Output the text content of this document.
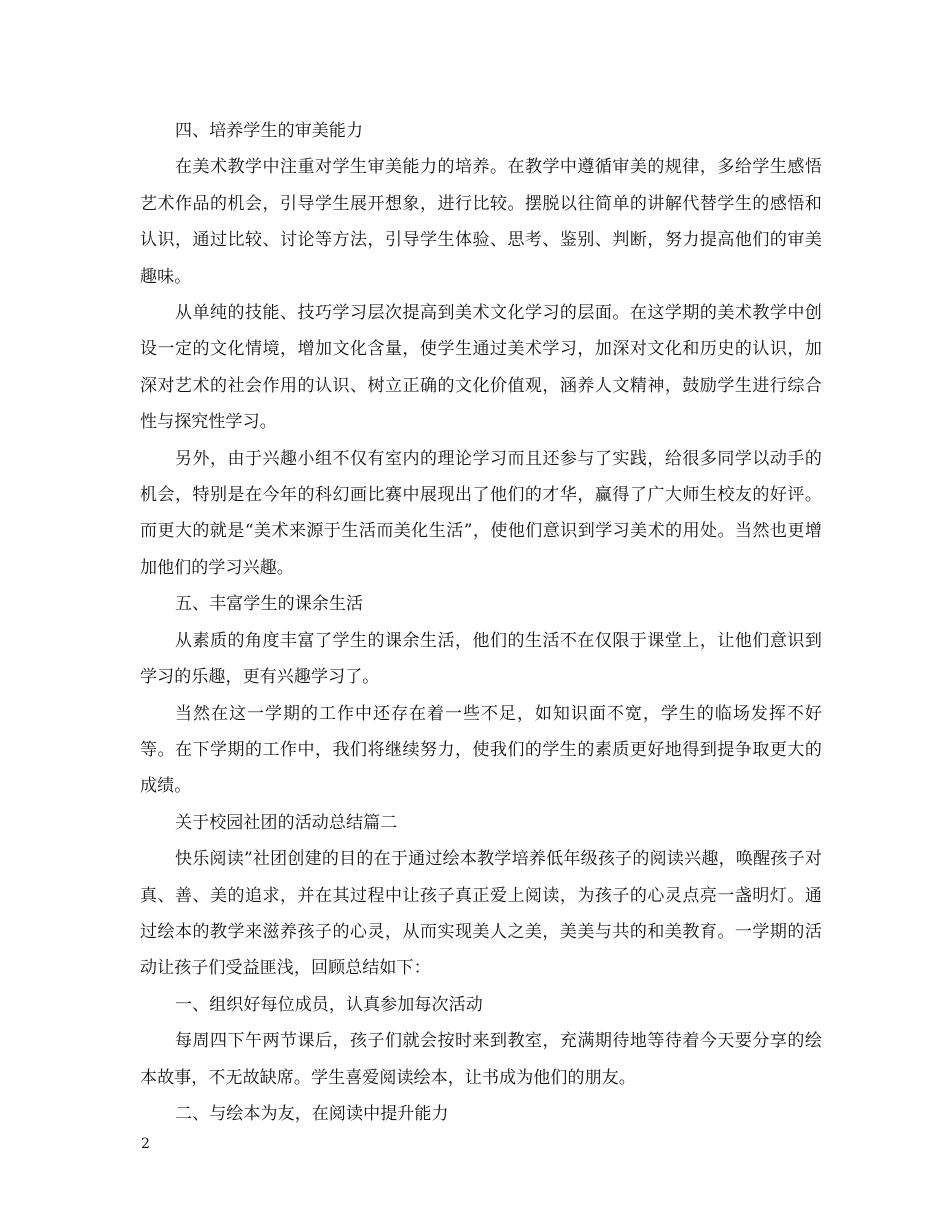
四、培养学生的审美能力

在美术教学中注重对学生审美能力的培养。在教学中遵循审美的规律，多给学生感悟艺术作品的机会，引导学生展开想象，进行比较。摆脱以往简单的讲解代替学生的感悟和认识，通过比较、讨论等方法，引导学生体验、思考、鉴别、判断，努力提高他们的审美趣味。

从单纯的技能、技巧学习层次提高到美术文化学习的层面。在这学期的美术教学中创设一定的文化情境，增加文化含量，使学生通过美术学习，加深对文化和历史的认识，加深对艺术的社会作用的认识、树立正确的文化价值观，涵养人文精神，鼓励学生进行综合性与探究性学习。

另外，由于兴趣小组不仅有室内的理论学习而且还参与了实践，给很多同学以动手的机会，特别是在今年的科幻画比赛中展现出了他们的才华，赢得了广大师生校友的好评。而更大的就是“美术来源于生活而美化生活”，使他们意识到学习美术的用处。当然也更增加他们的学习兴趣。

五、丰富学生的课余生活

从素质的角度丰富了学生的课余生活，他们的生活不在仅限于课堂上，让他们意识到学习的乐趣，更有兴趣学习了。

当然在这一学期的工作中还存在着一些不足，如知识面不宽，学生的临场发挥不好等。在下学期的工作中，我们将继续努力，使我们的学生的素质更好地得到提争取更大的成绩。

关于校园社团的活动总结篇二

快乐阅读”社团创建的目的在于通过绘本教学培养低年级孩子的阅读兴趣，唤醒孩子对真、善、美的追求，并在其过程中让孩子真正爱上阅读，为孩子的心灵点亮一盏明灯。通过绘本的教学来滋养孩子的心灵，从而实现美人之美，美美与共的和美教育。一学期的活动让孩子们受益匪浅，回顾总结如下：

一、组织好每位成员，认真参加每次活动

每周四下午两节课后，孩子们就会按时来到教室，充满期待地等待着今天要分享的绘本故事，不无故缺席。学生喜爱阅读绘本，让书成为他们的朋友。

二、与绘本为友，在阅读中提升能力

2
